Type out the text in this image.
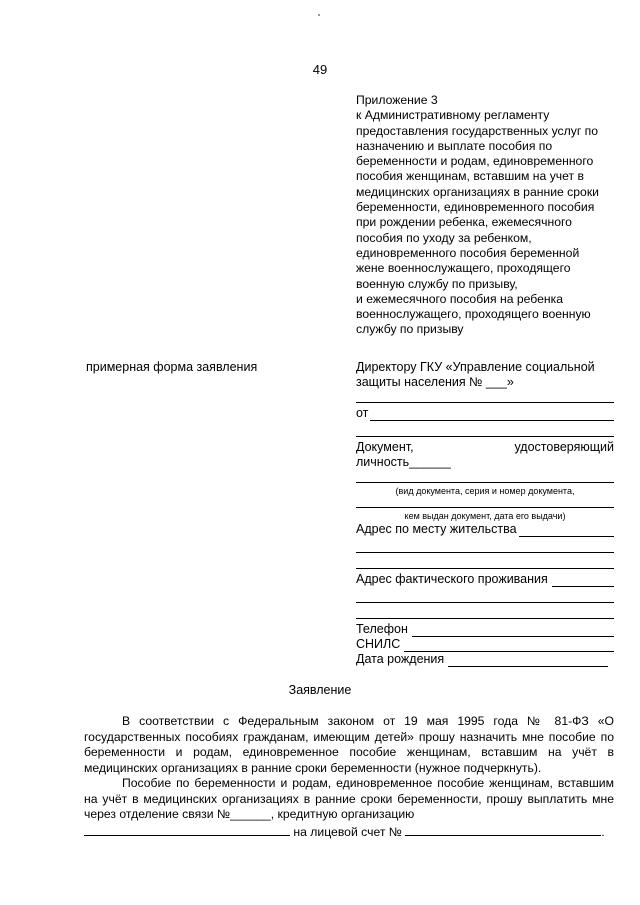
49
Приложение 3
к Административному регламенту
предоставления государственных услуг по
назначению и выплате пособия по
беременности и родам, единовременного
пособия женщинам, вставшим на учет в
медицинских организациях в ранние сроки
беременности, единовременного пособия
при рождении ребенка, ежемесячного
пособия по уходу за ребенком,
единовременного пособия беременной
жене военнослужащего, проходящего
военную службу по призыву,
и ежемесячного пособия на ребенка
военнослужащего, проходящего военную
службу по призыву
примерная форма заявления	Директору ГКУ «Управление социальной
защиты населения № ___»
от
Документ,	удостоверяющий
личность______
(вид документа, серия и номер документа,
кем выдан документ, дата его выдачи)
Адрес по месту жительства
Адрес фактического проживания
Телефон
СНИЛС
Дата рождения
Заявление

В соответствии с Федеральным законом от 19 мая 1995 года № 81-ФЗ «О государственных пособиях гражданам, имеющим детей» прошу назначить мне пособие по беременности и родам, единовременное пособие женщинам, вставшим на учёт в медицинских организациях в ранние сроки беременности (нужное подчеркнуть).

Пособие по беременности и родам, единовременное пособие женщинам, вставшим на учёт в медицинских организациях в ранние сроки беременности, прошу выплатить мне через отделение связи №______, кредитную организацию

на лицевой счет №	.
